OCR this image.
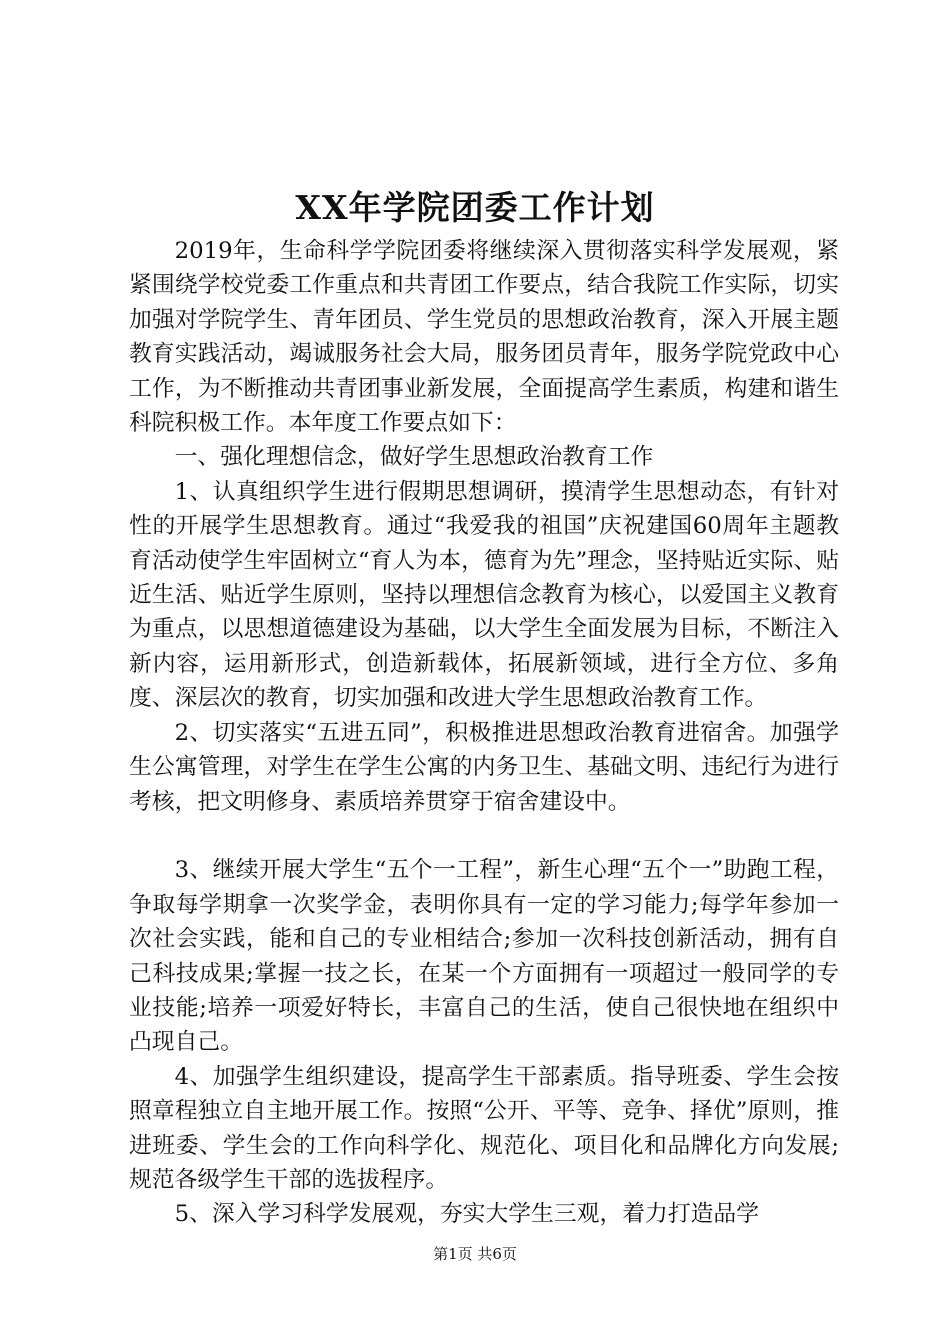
XX年学院团委工作计划

2019年，生命科学学院团委将继续深入贯彻落实科学发展观，紧紧围绕学校党委工作重点和共青团工作要点，结合我院工作实际，切实加强对学院学生、青年团员、学生党员的思想政治教育，深入开展主题教育实践活动，竭诚服务社会大局，服务团员青年，服务学院党政中心工作，为不断推动共青团事业新发展，全面提高学生素质，构建和谐生科院积极工作。本年度工作要点如下：

一、强化理想信念，做好学生思想政治教育工作

1、认真组织学生进行假期思想调研，摸清学生思想动态，有针对性的开展学生思想教育。通过“我爱我的祖国”庆祝建国60周年主题教育活动使学生牢固树立“育人为本，德育为先”理念，坚持贴近实际、贴近生活、贴近学生原则，坚持以理想信念教育为核心，以爱国主义教育为重点，以思想道德建设为基础，以大学生全面发展为目标，不断注入新内容，运用新形式，创造新载体，拓展新领域，进行全方位、多角度、深层次的教育，切实加强和改进大学生思想政治教育工作。

2、切实落实“五进五同”，积极推进思想政治教育进宿舍。加强学生公寓管理，对学生在学生公寓的内务卫生、基础文明、违纪行为进行考核，把文明修身、素质培养贯穿于宿舍建设中。

3、继续开展大学生“五个一工程”，新生心理“五个一”助跑工程，争取每学期拿一次奖学金，表明你具有一定的学习能力;每学年参加一次社会实践，能和自己的专业相结合;参加一次科技创新活动，拥有自己科技成果;掌握一技之长，在某一个方面拥有一项超过一般同学的专业技能;培养一项爱好特长，丰富自己的生活，使自己很快地在组织中凸现自己。

4、加强学生组织建设，提高学生干部素质。指导班委、学生会按照章程独立自主地开展工作。按照“公开、平等、竞争、择优”原则，推进班委、学生会的工作向科学化、规范化、项目化和品牌化方向发展;规范各级学生干部的选拔程序。

5、深入学习科学发展观，夯实大学生三观，着力打造品学

第1页 共6页
